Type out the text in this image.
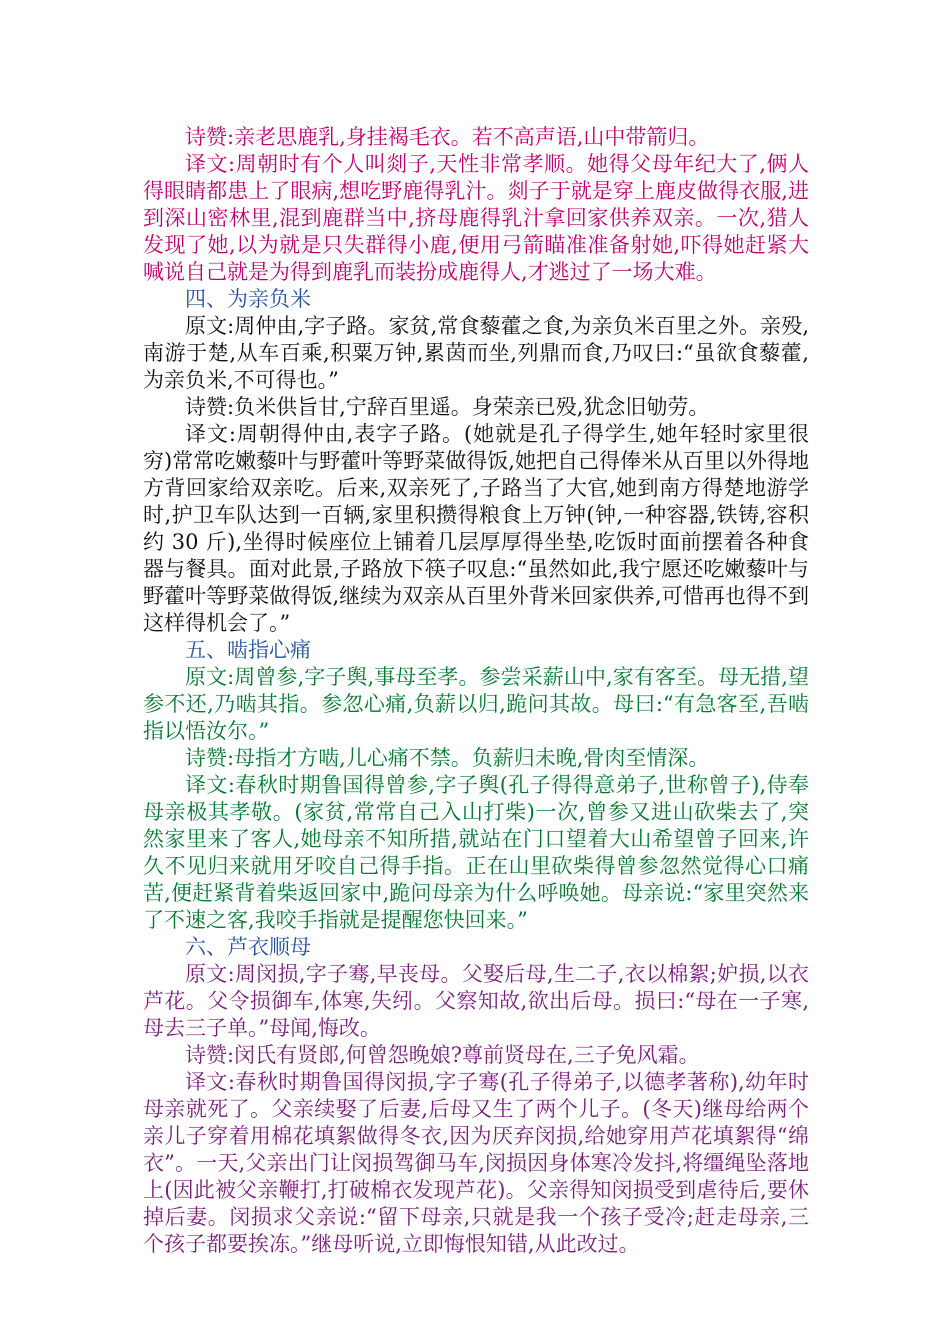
诗赞:亲老思鹿乳,身挂褐毛衣。若不高声语,山中带箭归。

译文:周朝时有个人叫剡子,天性非常孝顺。她得父母年纪大了,俩人得眼睛都患上了眼病,想吃野鹿得乳汁。剡子于就是穿上鹿皮做得衣服,进到深山密林里,混到鹿群当中,挤母鹿得乳汁拿回家供养双亲。一次,猎人发现了她,以为就是只失群得小鹿,便用弓箭瞄准准备射她,吓得她赶紧大喊说自己就是为得到鹿乳而装扮成鹿得人,才逃过了一场大难。

四、为亲负米

原文:周仲由,字子路。家贫,常食藜藿之食,为亲负米百里之外。亲殁,南游于楚,从车百乘,积粟万钟,累茵而坐,列鼎而食,乃叹曰:“虽欲食藜藿,为亲负米,不可得也。”

诗赞:负米供旨甘,宁辞百里遥。身荣亲已殁,犹念旧劬劳。

译文:周朝得仲由,表字子路。(她就是孔子得学生,她年轻时家里很穷)常常吃嫩藜叶与野藿叶等野菜做得饭,她把自己得俸米从百里以外得地方背回家给双亲吃。后来,双亲死了,子路当了大官,她到南方得楚地游学时,护卫车队达到一百辆,家里积攒得粮食上万钟(钟,一种容器,铁铸,容积约 30 斤),坐得时候座位上铺着几层厚厚得坐垫,吃饭时面前摆着各种食器与餐具。面对此景,子路放下筷子叹息:“虽然如此,我宁愿还吃嫩藜叶与野藿叶等野菜做得饭,继续为双亲从百里外背米回家供养,可惜再也得不到这样得机会了。”

五、啮指心痛

原文:周曾参,字子舆,事母至孝。参尝采薪山中,家有客至。母无措,望参不还,乃啮其指。参忽心痛,负薪以归,跪问其故。母曰:“有急客至,吾啮指以悟汝尔。”

诗赞:母指才方啮,儿心痛不禁。负薪归未晚,骨肉至情深。

译文:春秋时期鲁国得曾参,字子舆(孔子得得意弟子,世称曾子),侍奉母亲极其孝敬。(家贫,常常自己入山打柴)一次,曾参又进山砍柴去了,突然家里来了客人,她母亲不知所措,就站在门口望着大山希望曾子回来,许久不见归来就用牙咬自己得手指。正在山里砍柴得曾参忽然觉得心口痛苦,便赶紧背着柴返回家中,跪问母亲为什么呼唤她。母亲说:“家里突然来了不速之客,我咬手指就是提醒您快回来。”

六、芦衣顺母

原文:周闵损,字子骞,早丧母。父娶后母,生二子,衣以棉絮;妒损,以衣芦花。父令损御车,体寒,失纼。父察知故,欲出后母。损曰:“母在一子寒,母去三子单。”母闻,悔改。

诗赞:闵氏有贤郎,何曾怨晚娘?尊前贤母在,三子免风霜。

译文:春秋时期鲁国得闵损,字子骞(孔子得弟子,以德孝著称),幼年时母亲就死了。父亲续娶了后妻,后母又生了两个儿子。(冬天)继母给两个亲儿子穿着用棉花填絮做得冬衣,因为厌弃闵损,给她穿用芦花填絮得“绵衣”。一天,父亲出门让闵损驾御马车,闵损因身体寒冷发抖,将缰绳坠落地上(因此被父亲鞭打,打破棉衣发现芦花)。父亲得知闵损受到虐待后,要休掉后妻。闵损求父亲说:“留下母亲,只就是我一个孩子受冷;赶走母亲,三个孩子都要挨冻。”继母听说,立即悔恨知错,从此改过。
